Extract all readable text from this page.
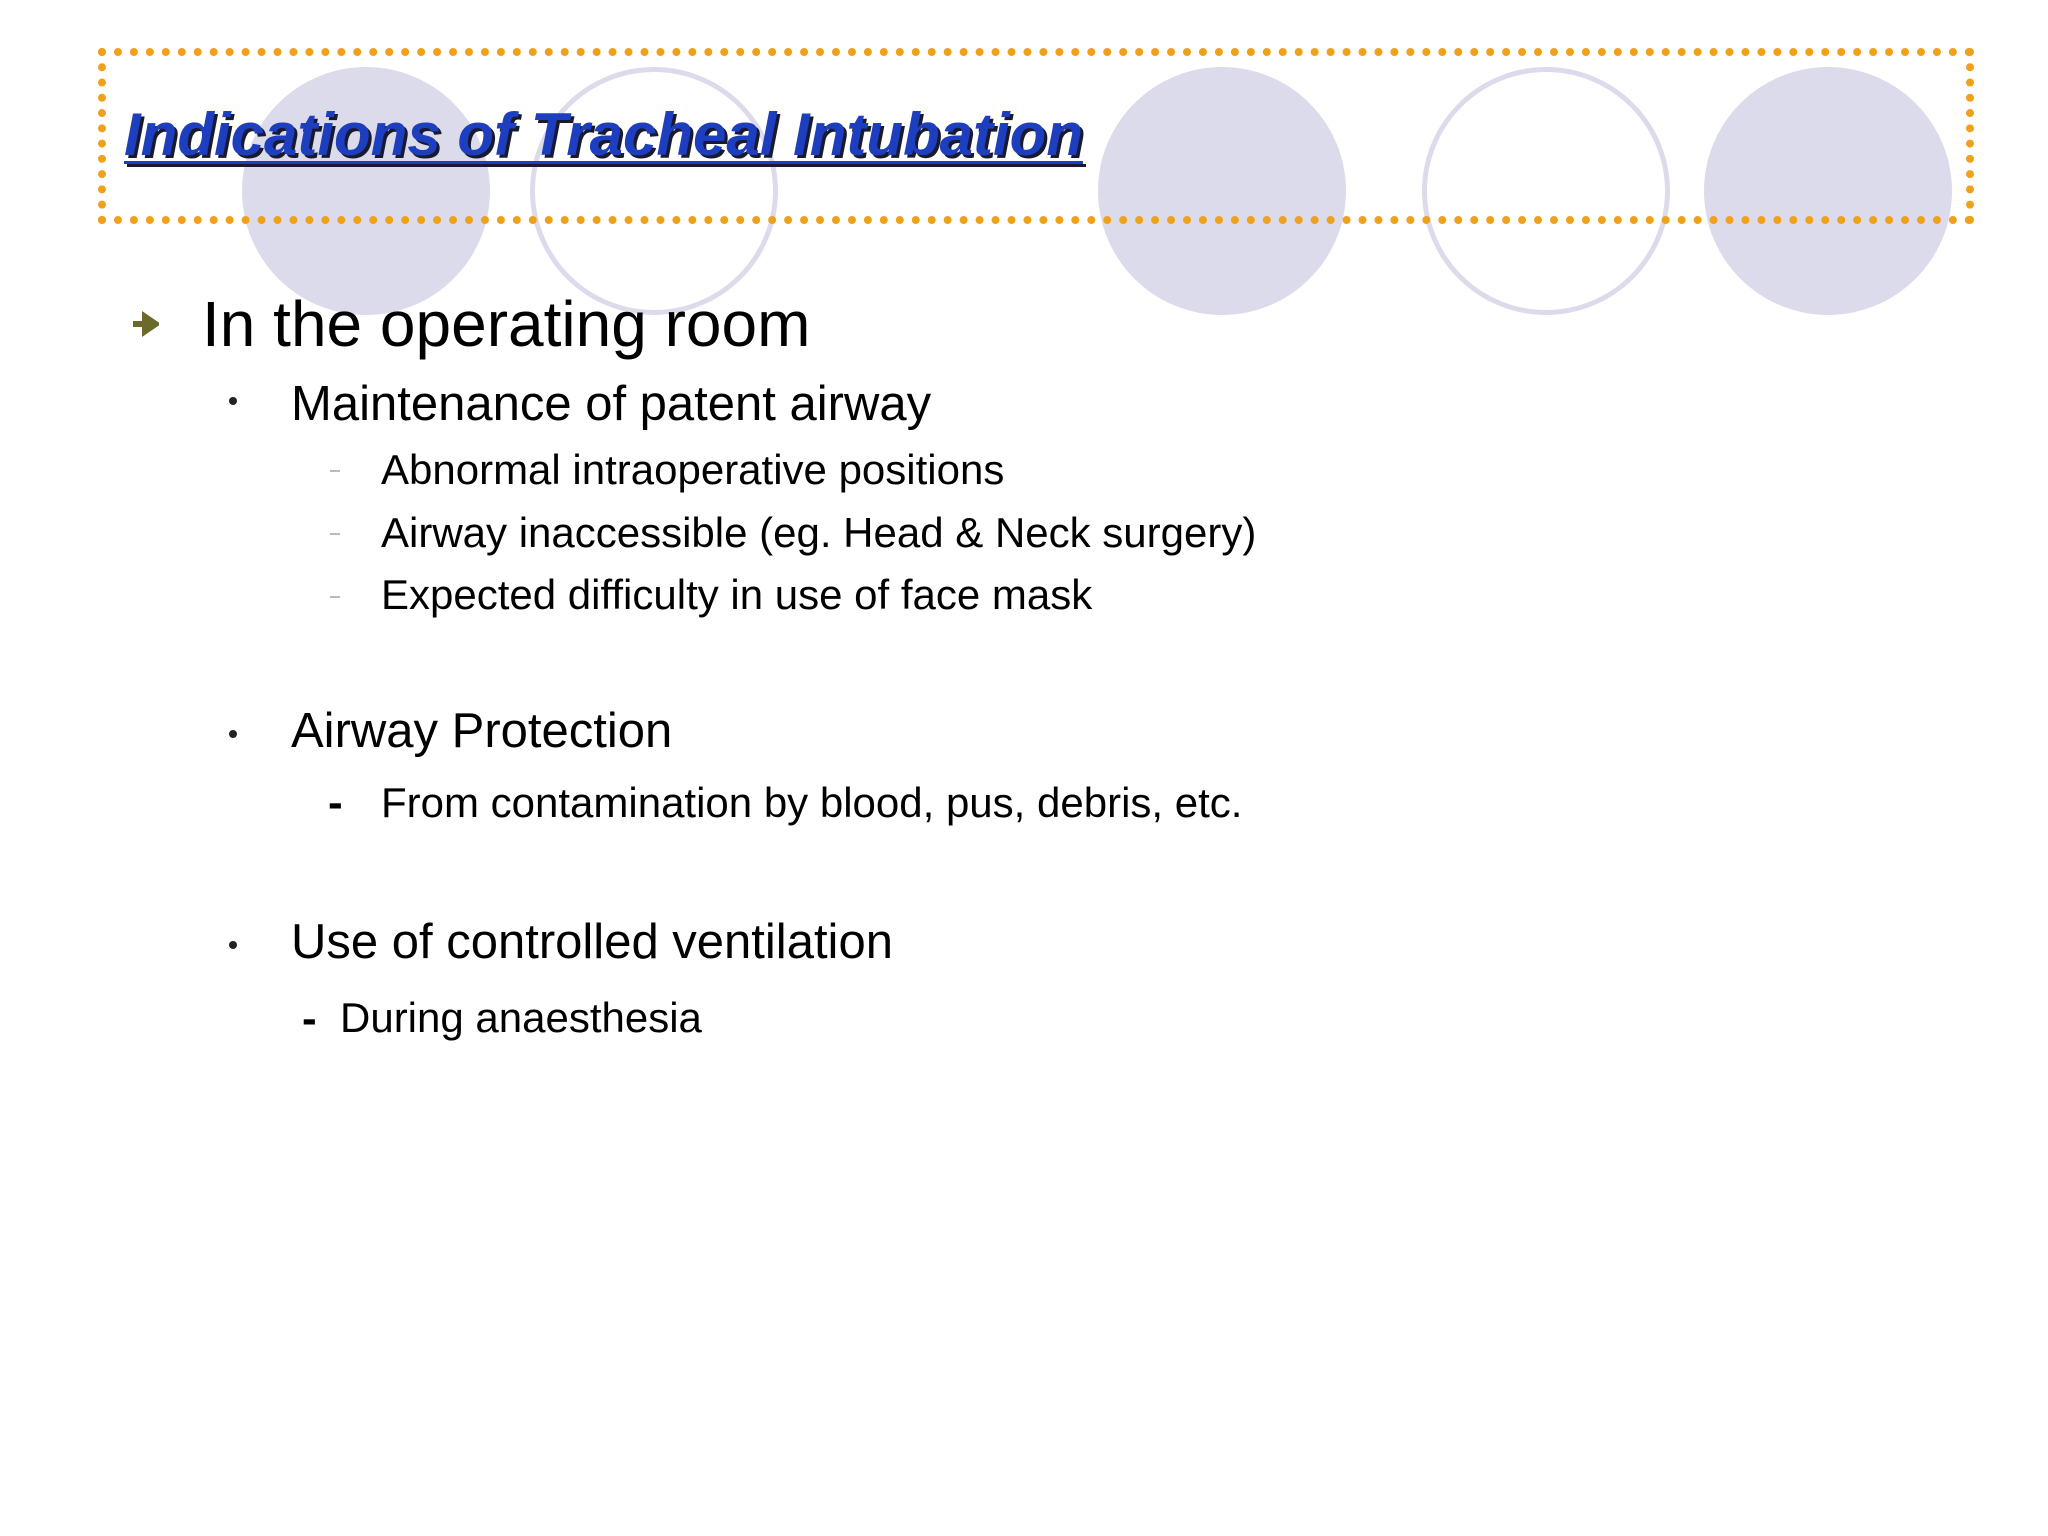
Indications of Tracheal Intubation
In the operating room
Maintenance of patent airway
Abnormal intraoperative positions
Airway inaccessible (eg. Head & Neck surgery)
Expected difficulty in use of face mask
Airway Protection
- From contamination by blood, pus, debris, etc.
Use of controlled ventilation
- During anaesthesia
